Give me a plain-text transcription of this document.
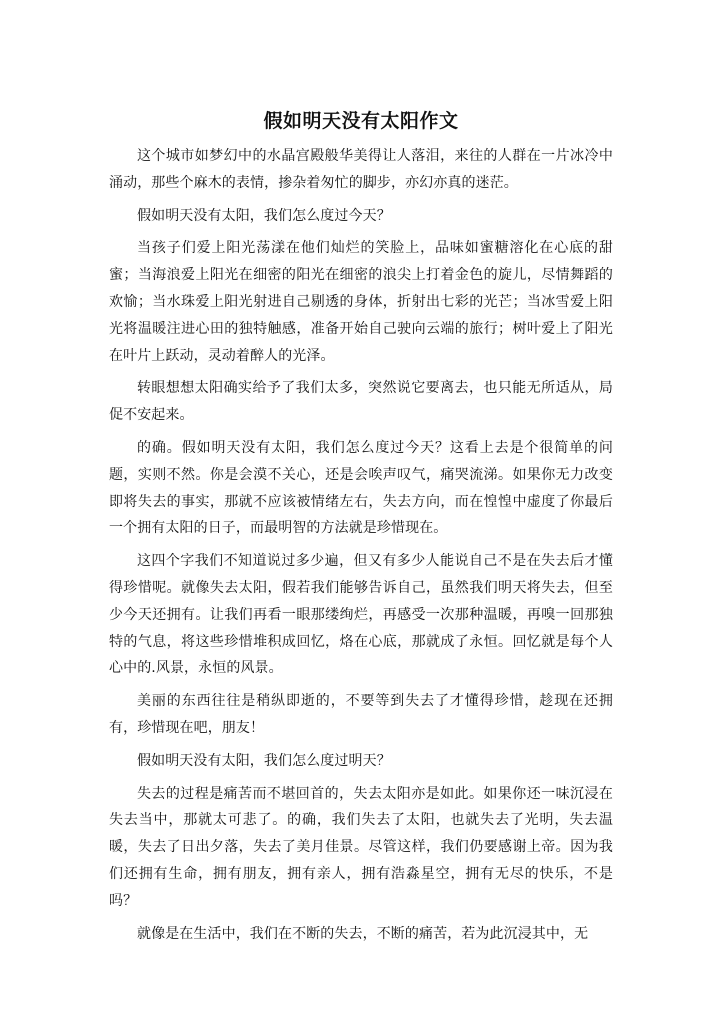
假如明天没有太阳作文

这个城市如梦幻中的水晶宫殿般华美得让人落泪，来往的人群在一片冰冷中涌动，那些个麻木的表情，掺杂着匆忙的脚步，亦幻亦真的迷茫。

假如明天没有太阳，我们怎么度过今天？

当孩子们爱上阳光荡漾在他们灿烂的笑脸上，品味如蜜糖溶化在心底的甜蜜；当海浪爱上阳光在细密的阳光在细密的浪尖上打着金色的旋儿，尽情舞蹈的欢愉；当水珠爱上阳光射进自己剔透的身体，折射出七彩的光芒；当冰雪爱上阳光将温暖注进心田的独特触感，准备开始自己驶向云端的旅行；树叶爱上了阳光在叶片上跃动，灵动着醉人的光泽。

转眼想想太阳确实给予了我们太多，突然说它要离去，也只能无所适从，局促不安起来。

的确。假如明天没有太阳，我们怎么度过今天？这看上去是个很简单的问题，实则不然。你是会漠不关心，还是会唉声叹气，痛哭流涕。如果你无力改变即将失去的事实，那就不应该被情绪左右，失去方向，而在惶惶中虚度了你最后一个拥有太阳的日子，而最明智的方法就是珍惜现在。

这四个字我们不知道说过多少遍，但又有多少人能说自己不是在失去后才懂得珍惜呢。就像失去太阳，假若我们能够告诉自己，虽然我们明天将失去，但至少今天还拥有。让我们再看一眼那缕绚烂，再感受一次那种温暖，再嗅一回那独特的气息，将这些珍惜堆积成回忆，烙在心底，那就成了永恒。回忆就是每个人心中的.风景，永恒的风景。

美丽的东西往往是稍纵即逝的，不要等到失去了才懂得珍惜，趁现在还拥有，珍惜现在吧，朋友！

假如明天没有太阳，我们怎么度过明天？

失去的过程是痛苦而不堪回首的，失去太阳亦是如此。如果你还一味沉浸在失去当中，那就太可悲了。的确，我们失去了太阳，也就失去了光明，失去温暖，失去了日出夕落，失去了美月佳景。尽管这样，我们仍要感谢上帝。因为我们还拥有生命，拥有朋友，拥有亲人，拥有浩淼星空，拥有无尽的快乐，不是吗？

就像是在生活中，我们在不断的失去，不断的痛苦，若为此沉浸其中，无
